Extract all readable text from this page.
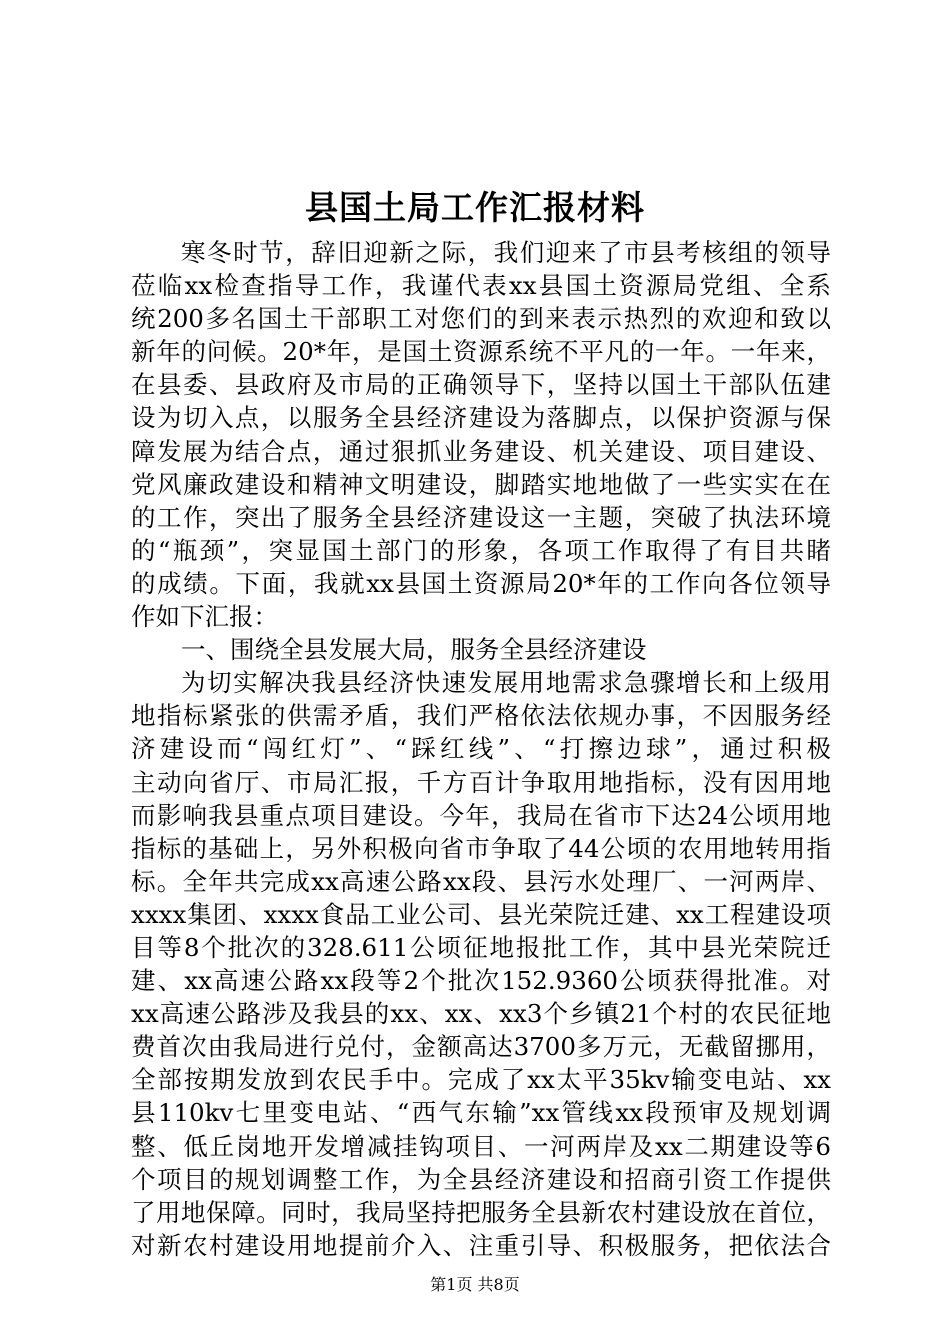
县国土局工作汇报材料
寒冬时节，辞旧迎新之际，我们迎来了市县考核组的领导
莅临xx检查指导工作，我谨代表xx县国土资源局党组、全系
统200多名国土干部职工对您们的到来表示热烈的欢迎和致以
新年的问候。20*年，是国土资源系统不平凡的一年。一年来，
在县委、县政府及市局的正确领导下，坚持以国土干部队伍建
设为切入点，以服务全县经济建设为落脚点，以保护资源与保
障发展为结合点，通过狠抓业务建设、机关建设、项目建设、
党风廉政建设和精神文明建设，脚踏实地地做了一些实实在在
的工作，突出了服务全县经济建设这一主题，突破了执法环境
的“瓶颈”，突显国土部门的形象，各项工作取得了有目共睹
的成绩。下面，我就xx县国土资源局20*年的工作向各位领导
作如下汇报：
一、围绕全县发展大局，服务全县经济建设
为切实解决我县经济快速发展用地需求急骤增长和上级用
地指标紧张的供需矛盾，我们严格依法依规办事，不因服务经
济建设而“闯红灯”、“踩红线”、“打擦边球”，通过积极
主动向省厅、市局汇报，千方百计争取用地指标，没有因用地
而影响我县重点项目建设。今年，我局在省市下达24公顷用地
指标的基础上，另外积极向省市争取了44公顷的农用地转用指
标。全年共完成xx高速公路xx段、县污水处理厂、一河两岸、
xxxx集团、xxxx食品工业公司、县光荣院迁建、xx工程建设项
目等8个批次的328.611公顷征地报批工作，其中县光荣院迁
建、xx高速公路xx段等2个批次152.9360公顷获得批准。对
xx高速公路涉及我县的xx、xx、xx3个乡镇21个村的农民征地
费首次由我局进行兑付，金额高达3700多万元，无截留挪用，
全部按期发放到农民手中。完成了xx太平35kv输变电站、xx
县110kv七里变电站、“西气东输”xx管线xx段预审及规划调
整、低丘岗地开发增减挂钩项目、一河两岸及xx二期建设等6
个项目的规划调整工作，为全县经济建设和招商引资工作提供
了用地保障。同时，我局坚持把服务全县新农村建设放在首位，
对新农村建设用地提前介入、注重引导、积极服务，把依法合
第1页 共8页
